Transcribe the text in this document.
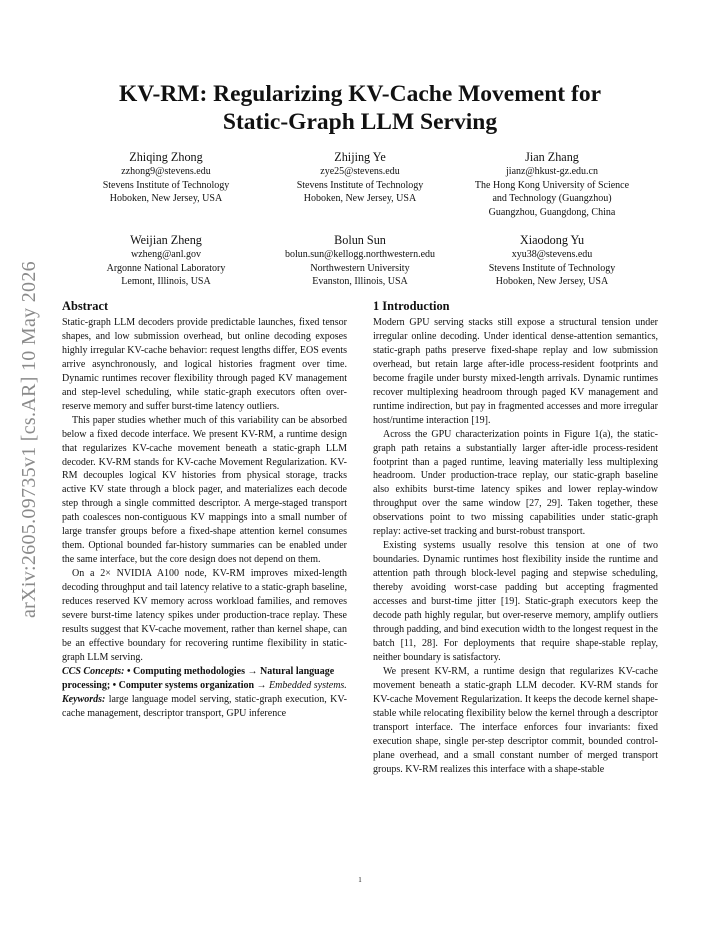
arXiv:2605.09735v1 [cs.AR] 10 May 2026
KV-RM: Regularizing KV-Cache Movement for
Static-Graph LLM Serving
Zhiqing Zhong
zzhong9@stevens.edu
Stevens Institute of Technology
Hoboken, New Jersey, USA
Zhijing Ye
zye25@stevens.edu
Stevens Institute of Technology
Hoboken, New Jersey, USA
Jian Zhang
jianz@hkust-gz.edu.cn
The Hong Kong University of Science
and Technology (Guangzhou)
Guangzhou, Guangdong, China
Weijian Zheng
wzheng@anl.gov
Argonne National Laboratory
Lemont, Illinois, USA
Bolun Sun
bolun.sun@kellogg.northwestern.edu
Northwestern University
Evanston, Illinois, USA
Xiaodong Yu
xyu38@stevens.edu
Stevens Institute of Technology
Hoboken, New Jersey, USA
Abstract

Static-graph LLM decoders provide predictable launches, fixed tensor shapes, and low submission overhead, but online decoding exposes highly irregular KV-cache behavior: request lengths differ, EOS events arrive asynchronously, and logical histories fragment over time. Dynamic runtimes recover flexibility through paged KV management and step-level scheduling, while static-graph executors often over-reserve memory and suffer burst-time latency outliers.

This paper studies whether much of this variability can be absorbed below a fixed decode interface. We present KV-RM, a runtime design that regularizes KV-cache movement beneath a static-graph LLM decoder. KV-RM stands for KV-cache Movement Regularization. KV-RM decouples logical KV histories from physical storage, tracks active KV state through a block pager, and materializes each decode step through a single committed descriptor. A merge-staged transport path coalesces non-contiguous KV mappings into a small number of large transfer groups before a fixed-shape attention kernel consumes them. Optional bounded far-history summaries can be enabled under the same interface, but the core design does not depend on them.

On a 2× NVIDIA A100 node, KV-RM improves mixed-length decoding throughput and tail latency relative to a static-graph baseline, reduces reserved KV memory across workload families, and removes severe burst-time latency spikes under production-trace replay. These results suggest that KV-cache movement, rather than kernel shape, can be an effective boundary for recovering runtime flexibility in static-graph LLM serving.

CCS Concepts: • Computing methodologies → Natural language processing; • Computer systems organization → Embedded systems.

Keywords: large language model serving, static-graph execution, KV-cache management, descriptor transport, GPU inference

1 Introduction

Modern GPU serving stacks still expose a structural tension under irregular online decoding. Under identical dense-attention semantics, static-graph paths preserve fixed-shape replay and low submission overhead, but retain large after-idle process-resident footprints and become fragile under bursty mixed-length arrivals. Dynamic runtimes recover multiplexing headroom through paged KV management and runtime indirection, but pay in fragmented accesses and more irregular host/runtime interaction [19].

Across the GPU characterization points in Figure 1(a), the static-graph path retains a substantially larger after-idle process-resident footprint than a paged runtime, leaving materially less multiplexing headroom. Under production-trace replay, our static-graph baseline also exhibits burst-time latency spikes and lower replay-window throughput over the same window [27, 29]. Taken together, these observations point to two missing capabilities under static-graph replay: active-set tracking and burst-robust transport.

Existing systems usually resolve this tension at one of two boundaries. Dynamic runtimes host flexibility inside the runtime and attention path through block-level paging and stepwise scheduling, thereby avoiding worst-case padding but accepting fragmented accesses and burst-time jitter [19]. Static-graph executors keep the decode path highly regular, but over-reserve memory, amplify outliers through padding, and bind execution width to the longest request in the batch [11, 28]. For deployments that require shape-stable replay, neither boundary is satisfactory.

We present KV-RM, a runtime design that regularizes KV-cache movement beneath a static-graph LLM decoder. KV-RM stands for KV-cache Movement Regularization. It keeps the decode kernel shape-stable while relocating flexibility below the kernel through a descriptor transport interface. The interface enforces four invariants: fixed execution shape, single per-step descriptor commit, bounded control-plane overhead, and a small constant number of merged transport groups. KV-RM realizes this interface with a shape-stable

1
